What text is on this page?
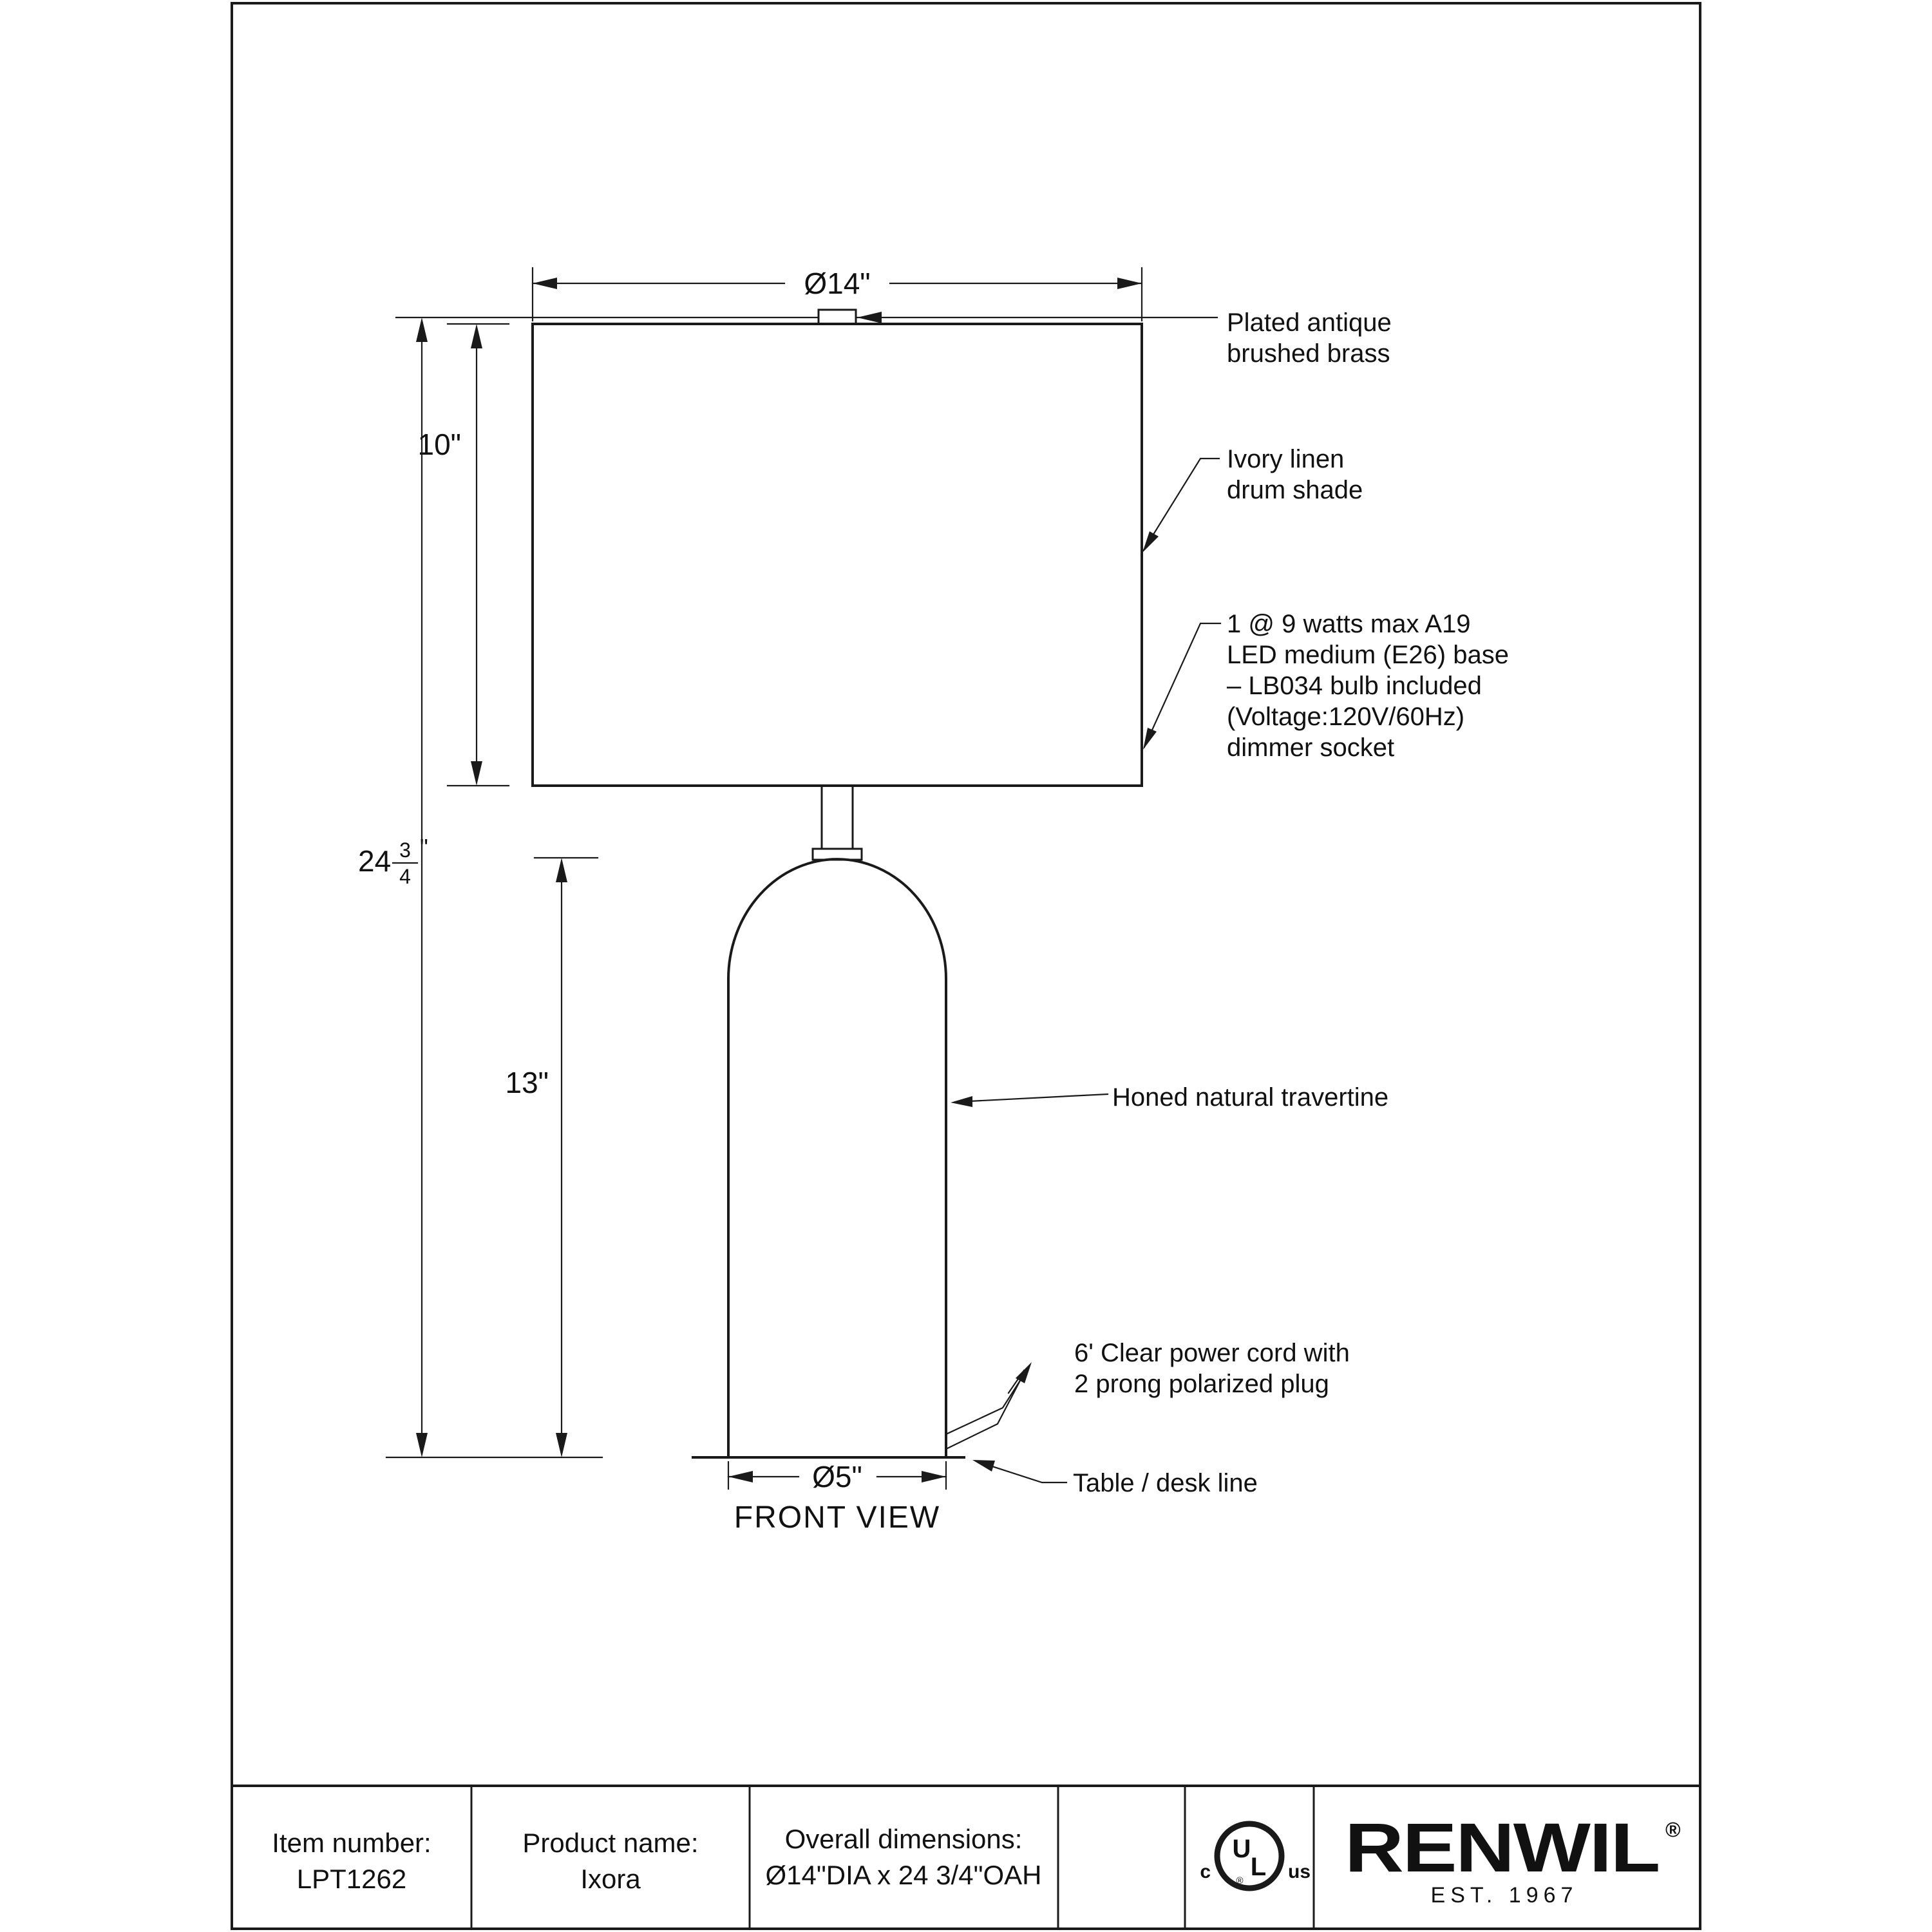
Ø14"
10"
24 3
4
"
13"
Ø5"
FRONT VIEW
Plated antique
brushed brass
Ivory linen
drum shade
1 @ 9 watts max A19
LED medium (E26) base
– LB034 bulb included
(Voltage:120V/60Hz)
dimmer socket
Honed natural travertine
6' Clear power cord with
2 prong polarized plug
Table / desk line
Item number:
LPT1262
Product name:
Ixora
Overall dimensions:
Ø14"DIA x 24 3/4"OAH
U
L
®
c	us RENWIL ®
EST. 1967
